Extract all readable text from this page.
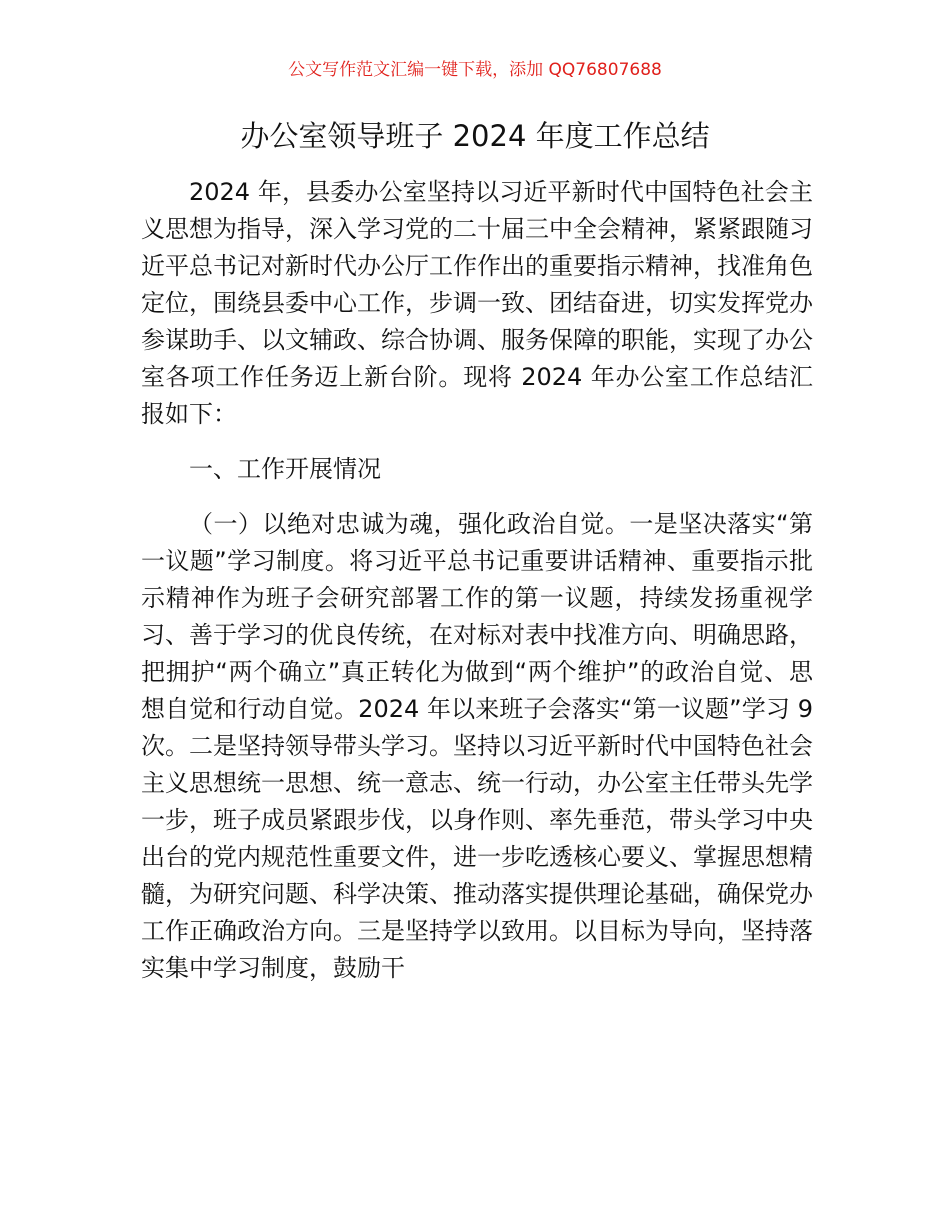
公文写作范文汇编一键下载，添加 QQ76807688
办公室领导班子 2024 年度工作总结

2024 年，县委办公室坚持以习近平新时代中国特色社会主义思想为指导，深入学习党的二十届三中全会精神，紧紧跟随习近平总书记对新时代办公厅工作作出的重要指示精神，找准角色定位，围绕县委中心工作，步调一致、团结奋进，切实发挥党办参谋助手、以文辅政、综合协调、服务保障的职能，实现了办公室各项工作任务迈上新台阶。现将 2024 年办公室工作总结汇报如下：

一、工作开展情况

（一）以绝对忠诚为魂，强化政治自觉。一是坚决落实“第一议题”学习制度。将习近平总书记重要讲话精神、重要指示批示精神作为班子会研究部署工作的第一议题，持续发扬重视学习、善于学习的优良传统，在对标对表中找准方向、明确思路，把拥护“两个确立”真正转化为做到“两个维护”的政治自觉、思想自觉和行动自觉。2024 年以来班子会落实“第一议题”学习 9 次。二是坚持领导带头学习。坚持以习近平新时代中国特色社会主义思想统一思想、统一意志、统一行动，办公室主任带头先学一步，班子成员紧跟步伐，以身作则、率先垂范，带头学习中央出台的党内规范性重要文件，进一步吃透核心要义、掌握思想精髓，为研究问题、科学决策、推动落实提供理论基础，确保党办工作正确政治方向。三是坚持学以致用。以目标为导向，坚持落实集中学习制度，鼓励干
